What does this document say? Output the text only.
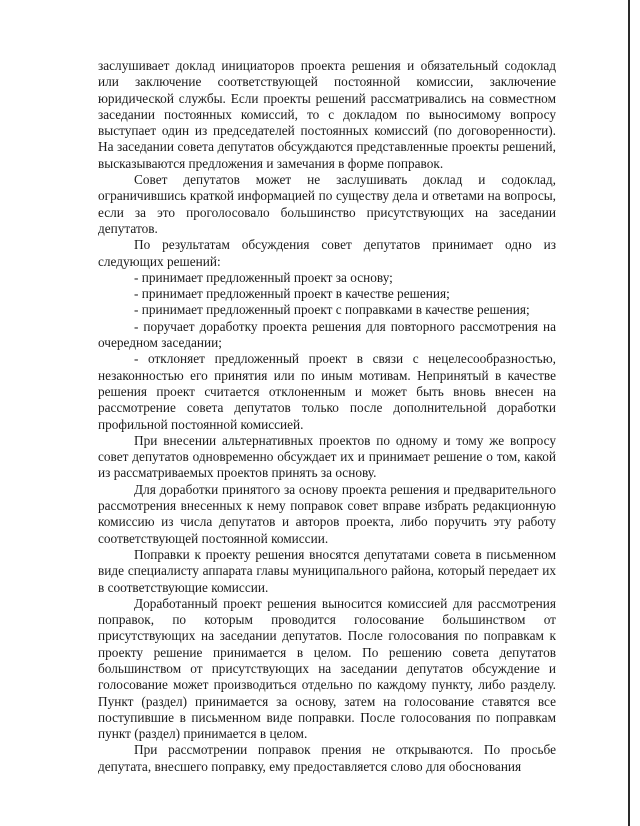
заслушивает доклад инициаторов проекта решения и обязательный содоклад или заключение соответствующей постоянной комиссии, заключение юридической службы. Если проекты решений рассматривались на совместном заседании постоянных комиссий, то с докладом по выносимому вопросу выступает один из председателей постоянных комиссий (по договоренности). На заседании совета депутатов обсуждаются представленные проекты решений, высказываются предложения и замечания в форме поправок.

Совет депутатов может не заслушивать доклад и содоклад, ограничившись краткой информацией по существу дела и ответами на вопросы, если за это проголосовало большинство присутствующих на заседании депутатов.

По результатам обсуждения совет депутатов принимает одно из следующих решений:

- принимает предложенный проект за основу;

- принимает предложенный проект в качестве решения;

- принимает предложенный проект с поправками в качестве решения;

- поручает доработку проекта решения для повторного рассмотрения на очередном заседании;

- отклоняет предложенный проект в связи с нецелесообразностью, незаконностью его принятия или по иным мотивам. Непринятый в качестве решения проект считается отклоненным и может быть вновь внесен на рассмотрение совета депутатов только после дополнительной доработки профильной постоянной комиссией.

При внесении альтернативных проектов по одному и тому же вопросу совет депутатов одновременно обсуждает их и принимает решение о том, какой из рассматриваемых проектов принять за основу.

Для доработки принятого за основу проекта решения и предварительного рассмотрения внесенных к нему поправок совет вправе избрать редакционную комиссию из числа депутатов и авторов проекта, либо поручить эту работу соответствующей постоянной комиссии.

Поправки к проекту решения вносятся депутатами совета в письменном виде специалисту аппарата главы муниципального района, который передает их в соответствующие комиссии.

Доработанный проект решения выносится комиссией для рассмотрения поправок, по которым проводится голосование большинством от присутствующих на заседании депутатов. После голосования по поправкам к проекту решение принимается в целом. По решению совета депутатов большинством от присутствующих на заседании депутатов обсуждение и голосование может производиться отдельно по каждому пункту, либо разделу. Пункт (раздел) принимается за основу, затем на голосование ставятся все поступившие в письменном виде поправки. После голосования по поправкам пункт (раздел) принимается в целом.

При рассмотрении поправок прения не открываются. По просьбе депутата, внесшего поправку, ему предоставляется слово для обоснования
